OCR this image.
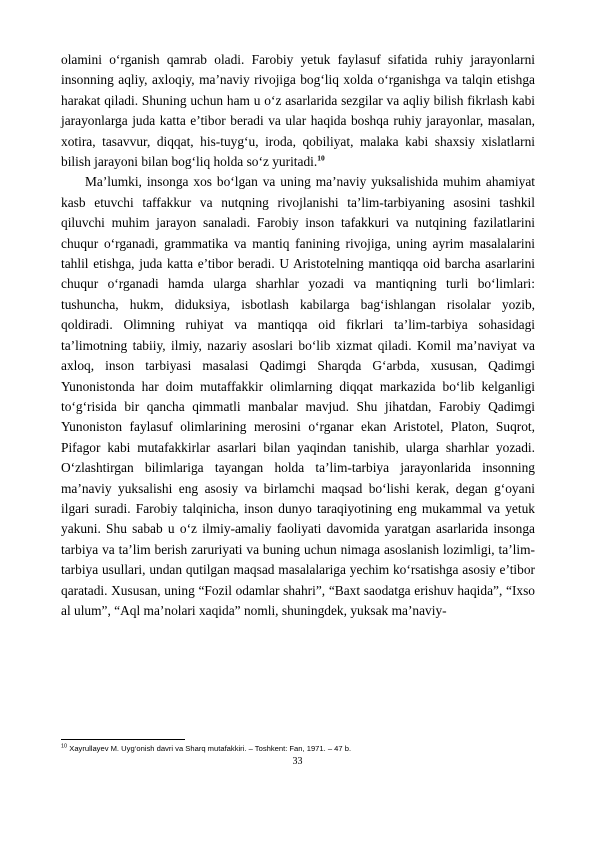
olamini o‘rganish qamrab oladi. Farobiy yetuk faylasuf sifatida ruhiy jarayonlarni insonning aqliy, axloqiy, ma’naviy rivojiga bog‘liq xolda o‘rganishga va talqin etishga harakat qiladi. Shuning uchun ham u o‘z asarlarida sezgilar va aqliy bilish fikrlash kabi jarayonlarga juda katta e’tibor beradi va ular haqida boshqa ruhiy jarayonlar, masalan, xotira, tasavvur, diqqat, his-tuyg‘u, iroda, qobiliyat, malaka kabi shaxsiy xislatlarni bilish jarayoni bilan bog‘liq holda so‘z yuritadi.$^{10}$

Ma’lumki, insonga xos bo‘lgan va uning ma’naviy yuksalishida muhim ahamiyat kasb etuvchi taffakkur va nutqning rivojlanishi ta’lim-tarbiyaning asosini tashkil qiluvchi muhim jarayon sanaladi. Farobiy inson tafakkuri va nutqining fazilatlarini chuqur o‘rganadi, grammatika va mantiq fanining rivojiga, uning ayrim masalalarini tahlil etishga, juda katta e’tibor beradi. U Aristotelning mantiqqa oid barcha asarlarini chuqur o‘rganadi hamda ularga sharhlar yozadi va mantiqning turli bo‘limlari: tushuncha, hukm, diduksiya, isbotlash kabilarga bag‘ishlangan risolalar yozib, qoldiradi. Olimning ruhiyat va mantiqqa oid fikrlari ta’lim-tarbiya sohasidagi ta’limotning tabiiy, ilmiy, nazariy asoslari bo‘lib xizmat qiladi. Komil ma’naviyat va axloq, inson tarbiyasi masalasi Qadimgi Sharqda G‘arbda, xususan, Qadimgi Yunonistonda har doim mutaffakkir olimlarning diqqat markazida bo‘lib kelganligi to‘g‘risida bir qancha qimmatli manbalar mavjud. Shu jihatdan, Farobiy Qadimgi Yunoniston faylasuf olimlarining merosini o‘rganar ekan Aristotel, Platon, Suqrot, Pifagor kabi mutafakkirlar asarlari bilan yaqindan tanishib, ularga sharhlar yozadi. O‘zlashtirgan bilimlariga tayangan holda ta’lim-tarbiya jarayonlarida insonning ma’naviy yuksalishi eng asosiy va birlamchi maqsad bo‘lishi kerak, degan g‘oyani ilgari suradi. Farobiy talqinicha, inson dunyo taraqiyotining eng mukammal va yetuk yakuni. Shu sabab u o‘z ilmiy-amaliy faoliyati davomida yaratgan asarlarida insonga tarbiya va ta’lim berish zaruriyati va buning uchun nimaga asoslanish lozimligi, ta’lim-tarbiya usullari, undan qutilgan maqsad masalalariga yechim ko‘rsatishga asosiy e’tibor qaratadi. Xususan, uning “Fozil odamlar shahri”, “Baxt saodatga erishuv haqida”, “Ixso al ulum”, “Aql ma’nolari xaqida” nomli, shuningdek, yuksak ma’naviy-

$^{10}$ Xayrullayev M. Uyg‘onish davri va Sharq mutafakkiri. – Toshkent: Fan, 1971. – 47 b.
33
